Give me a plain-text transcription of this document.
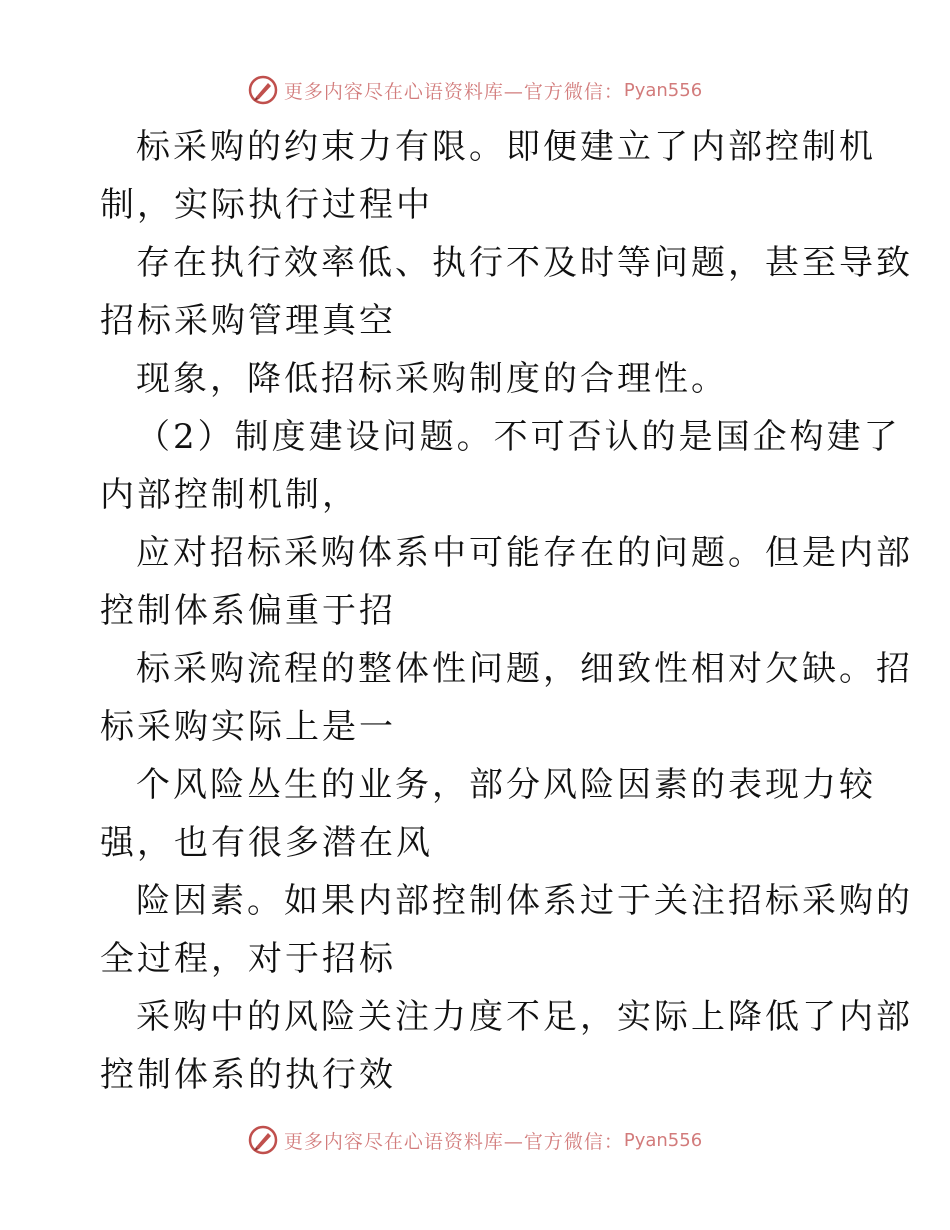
更多内容尽在心语资料库—官方微信： Pyan556
标采购的约束力有限。即便建立了内部控制机
制，实际执行过程中
存在执行效率低、执行不及时等问题，甚至导致
招标采购管理真空
现象，降低招标采购制度的合理性。
（2）制度建设问题。不可否认的是国企构建了
内部控制机制，
应对招标采购体系中可能存在的问题。但是内部
控制体系偏重于招
标采购流程的整体性问题，细致性相对欠缺。招
标采购实际上是一
个风险丛生的业务，部分风险因素的表现力较
强，也有很多潜在风
险因素。如果内部控制体系过于关注招标采购的
全过程，对于招标
采购中的风险关注力度不足，实际上降低了内部
控制体系的执行效
更多内容尽在心语资料库—官方微信： Pyan556
